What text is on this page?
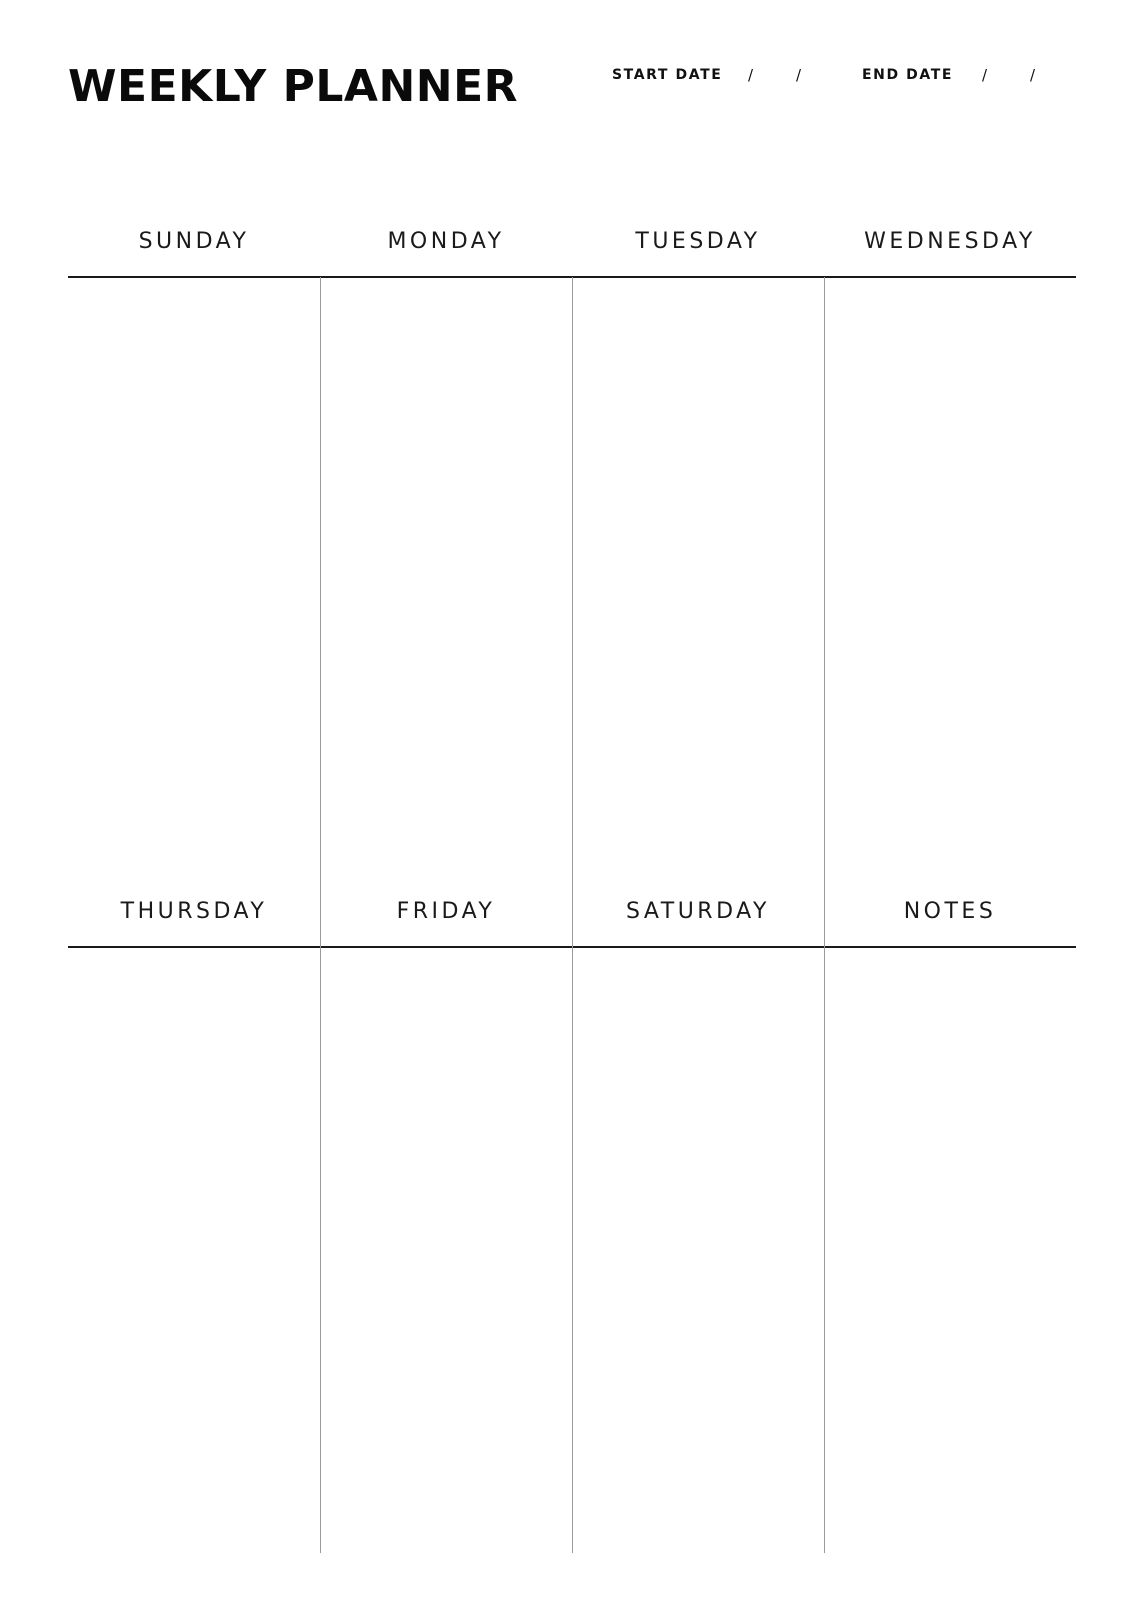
WEEKLY PLANNER	START DATE /	/	END DATE /	/
SUNDAY	MONDAY	TUESDAY	WEDNESDAY
THURSDAY	FRIDAY	SATURDAY	NOTES
